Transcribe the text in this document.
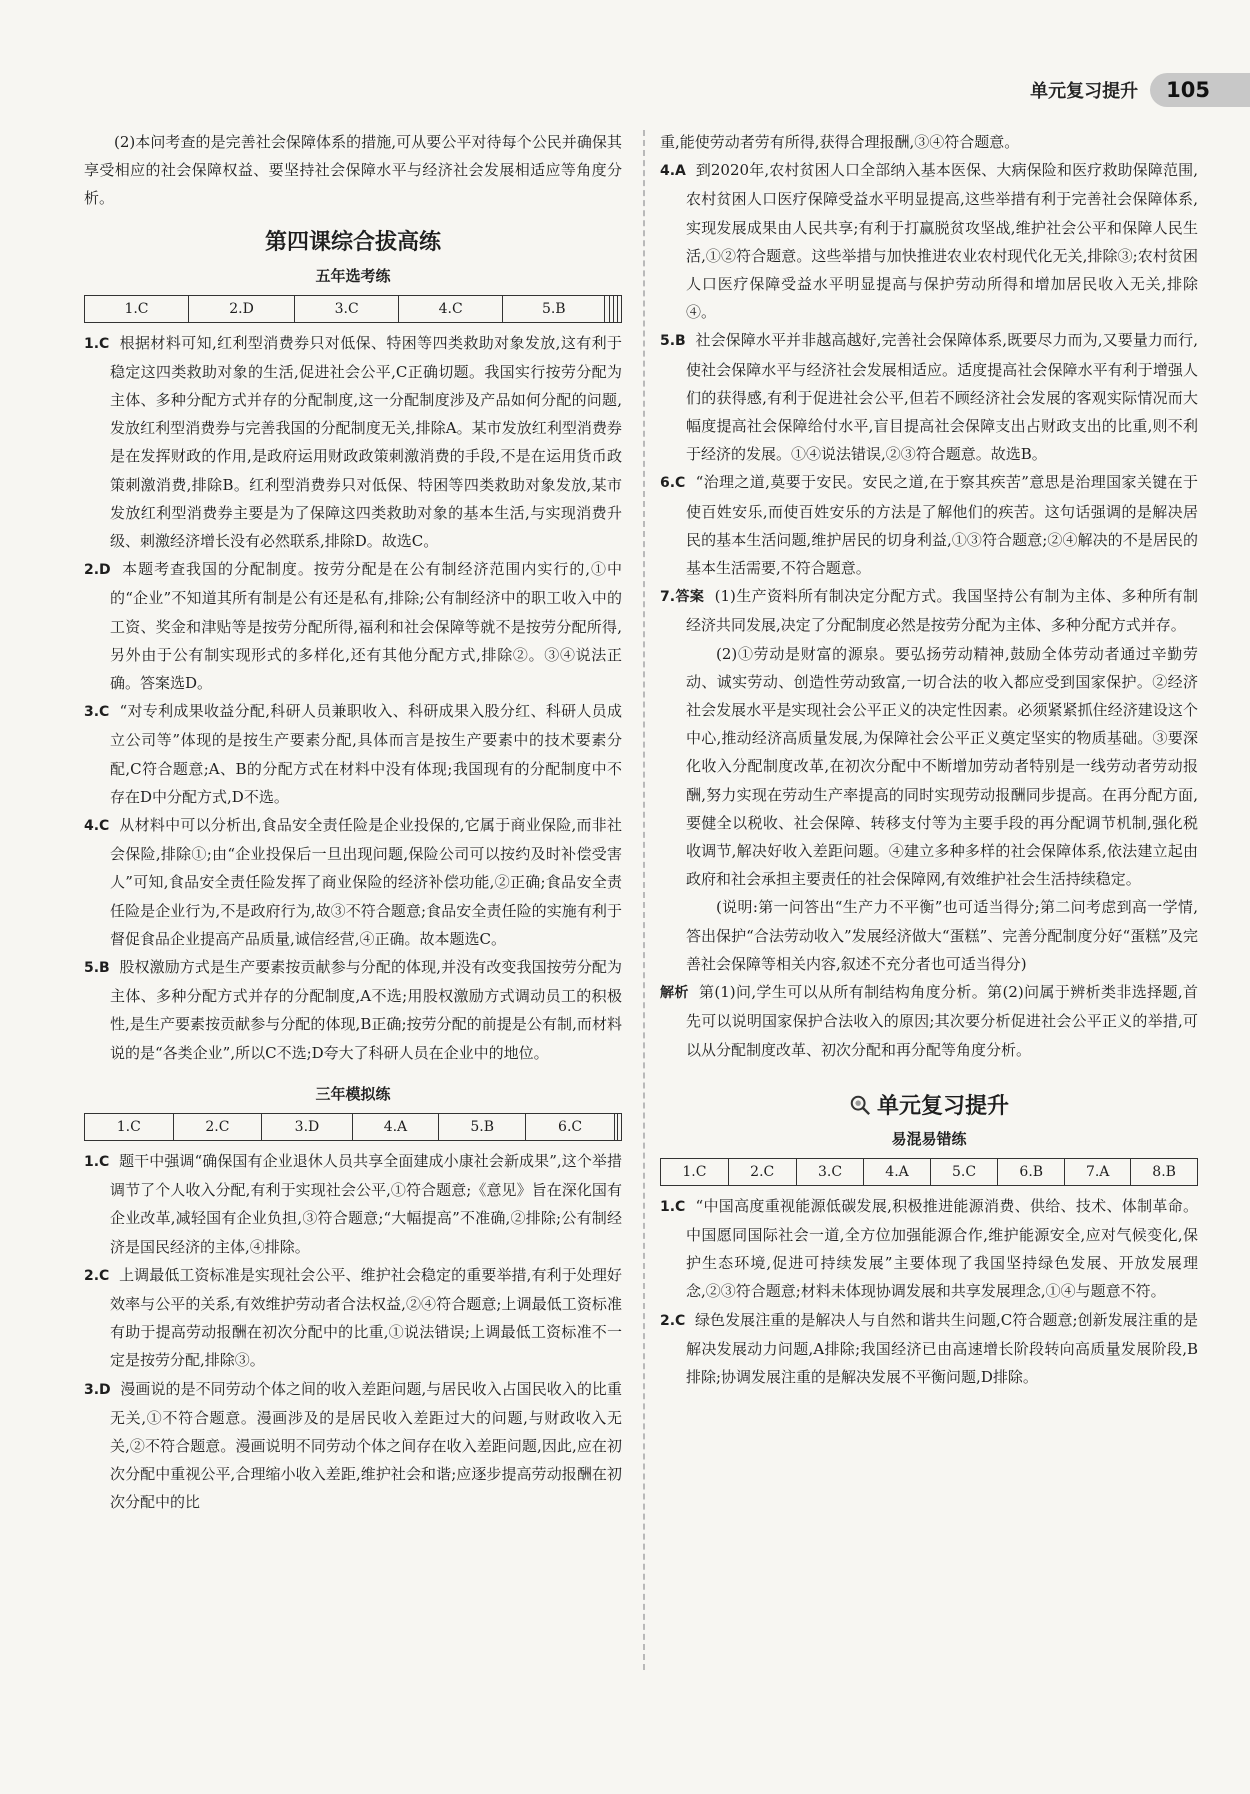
单元复习提升	105

(2)本问考查的是完善社会保障体系的措施,可从要公平对待每个公民并确保其享受相应的社会保障权益、要坚持社会保障水平与经济社会发展相适应等角度分析。

第四课综合拔高练
五年选考练
1.C	2.D	3.C	4.C	5.B				

1.C 根据材料可知,红利型消费券只对低保、特困等四类救助对象发放,这有利于稳定这四类救助对象的生活,促进社会公平,C正确切题。我国实行按劳分配为主体、多种分配方式并存的分配制度,这一分配制度涉及产品如何分配的问题,发放红利型消费券与完善我国的分配制度无关,排除A。某市发放红利型消费券是在发挥财政的作用,是政府运用财政政策刺激消费的手段,不是在运用货币政策刺激消费,排除B。红利型消费券只对低保、特困等四类救助对象发放,某市发放红利型消费券主要是为了保障这四类救助对象的基本生活,与实现消费升级、刺激经济增长没有必然联系,排除D。故选C。

2.D 本题考查我国的分配制度。按劳分配是在公有制经济范围内实行的,①中的“企业”不知道其所有制是公有还是私有,排除;公有制经济中的职工收入中的工资、奖金和津贴等是按劳分配所得,福利和社会保障等就不是按劳分配所得,另外由于公有制实现形式的多样化,还有其他分配方式,排除②。③④说法正确。答案选D。

3.C “对专利成果收益分配,科研人员兼职收入、科研成果入股分红、科研人员成立公司等”体现的是按生产要素分配,具体而言是按生产要素中的技术要素分配,C符合题意;A、B的分配方式在材料中没有体现;我国现有的分配制度中不存在D中分配方式,D不选。

4.C 从材料中可以分析出,食品安全责任险是企业投保的,它属于商业保险,而非社会保险,排除①;由“企业投保后一旦出现问题,保险公司可以按约及时补偿受害人”可知,食品安全责任险发挥了商业保险的经济补偿功能,②正确;食品安全责任险是企业行为,不是政府行为,故③不符合题意;食品安全责任险的实施有利于督促食品企业提高产品质量,诚信经营,④正确。故本题选C。

5.B 股权激励方式是生产要素按贡献参与分配的体现,并没有改变我国按劳分配为主体、多种分配方式并存的分配制度,A不选;用股权激励方式调动员工的积极性,是生产要素按贡献参与分配的体现,B正确;按劳分配的前提是公有制,而材料说的是“各类企业”,所以C不选;D夸大了科研人员在企业中的地位。

三年模拟练
1.C	2.C	3.D	4.A	5.B	6.C		

1.C 题干中强调“确保国有企业退休人员共享全面建成小康社会新成果”,这个举措调节了个人收入分配,有利于实现社会公平,①符合题意;《意见》旨在深化国有企业改革,减轻国有企业负担,③符合题意;“大幅提高”不准确,②排除;公有制经济是国民经济的主体,④排除。

2.C 上调最低工资标准是实现社会公平、维护社会稳定的重要举措,有利于处理好效率与公平的关系,有效维护劳动者合法权益,②④符合题意;上调最低工资标准有助于提高劳动报酬在初次分配中的比重,①说法错误;上调最低工资标准不一定是按劳分配,排除③。

3.D 漫画说的是不同劳动个体之间的收入差距问题,与居民收入占国民收入的比重无关,①不符合题意。漫画涉及的是居民收入差距过大的问题,与财政收入无关,②不符合题意。漫画说明不同劳动个体之间存在收入差距问题,因此,应在初次分配中重视公平,合理缩小收入差距,维护社会和谐;应逐步提高劳动报酬在初次分配中的比

重,能使劳动者劳有所得,获得合理报酬,③④符合题意。

4.A 到2020年,农村贫困人口全部纳入基本医保、大病保险和医疗救助保障范围,农村贫困人口医疗保障受益水平明显提高,这些举措有利于完善社会保障体系,实现发展成果由人民共享;有利于打赢脱贫攻坚战,维护社会公平和保障人民生活,①②符合题意。这些举措与加快推进农业农村现代化无关,排除③;农村贫困人口医疗保障受益水平明显提高与保护劳动所得和增加居民收入无关,排除④。

5.B 社会保障水平并非越高越好,完善社会保障体系,既要尽力而为,又要量力而行,使社会保障水平与经济社会发展相适应。适度提高社会保障水平有利于增强人们的获得感,有利于促进社会公平,但若不顾经济社会发展的客观实际情况而大幅度提高社会保障给付水平,盲目提高社会保障支出占财政支出的比重,则不利于经济的发展。①④说法错误,②③符合题意。故选B。

6.C “治理之道,莫要于安民。安民之道,在于察其疾苦”意思是治理国家关键在于使百姓安乐,而使百姓安乐的方法是了解他们的疾苦。这句话强调的是解决居民的基本生活问题,维护居民的切身利益,①③符合题意;②④解决的不是居民的基本生活需要,不符合题意。

7.答案 (1)生产资料所有制决定分配方式。我国坚持公有制为主体、多种所有制经济共同发展,决定了分配制度必然是按劳分配为主体、多种分配方式并存。

(2)①劳动是财富的源泉。要弘扬劳动精神,鼓励全体劳动者通过辛勤劳动、诚实劳动、创造性劳动致富,一切合法的收入都应受到国家保护。②经济社会发展水平是实现社会公平正义的决定性因素。必须紧紧抓住经济建设这个中心,推动经济高质量发展,为保障社会公平正义奠定坚实的物质基础。③要深化收入分配制度改革,在初次分配中不断增加劳动者特别是一线劳动者劳动报酬,努力实现在劳动生产率提高的同时实现劳动报酬同步提高。在再分配方面,要健全以税收、社会保障、转移支付等为主要手段的再分配调节机制,强化税收调节,解决好收入差距问题。④建立多种多样的社会保障体系,依法建立起由政府和社会承担主要责任的社会保障网,有效维护社会生活持续稳定。

(说明:第一问答出“生产力不平衡”也可适当得分;第二问考虑到高一学情,答出保护“合法劳动收入”发展经济做大“蛋糕”、完善分配制度分好“蛋糕”及完善社会保障等相关内容,叙述不充分者也可适当得分)

解析 第(1)问,学生可以从所有制结构角度分析。第(2)问属于辨析类非选择题,首先可以说明国家保护合法收入的原因;其次要分析促进社会公平正义的举措,可以从分配制度改革、初次分配和再分配等角度分析。

单元复习提升
易混易错练
1.C	2.C	3.C	4.A	5.C	6.B	7.A	8.B

1.C “中国高度重视能源低碳发展,积极推进能源消费、供给、技术、体制革命。中国愿同国际社会一道,全方位加强能源合作,维护能源安全,应对气候变化,保护生态环境,促进可持续发展”主要体现了我国坚持绿色发展、开放发展理念,②③符合题意;材料未体现协调发展和共享发展理念,①④与题意不符。

2.C 绿色发展注重的是解决人与自然和谐共生问题,C符合题意;创新发展注重的是解决发展动力问题,A排除;我国经济已由高速增长阶段转向高质量发展阶段,B排除;协调发展注重的是解决发展不平衡问题,D排除。
